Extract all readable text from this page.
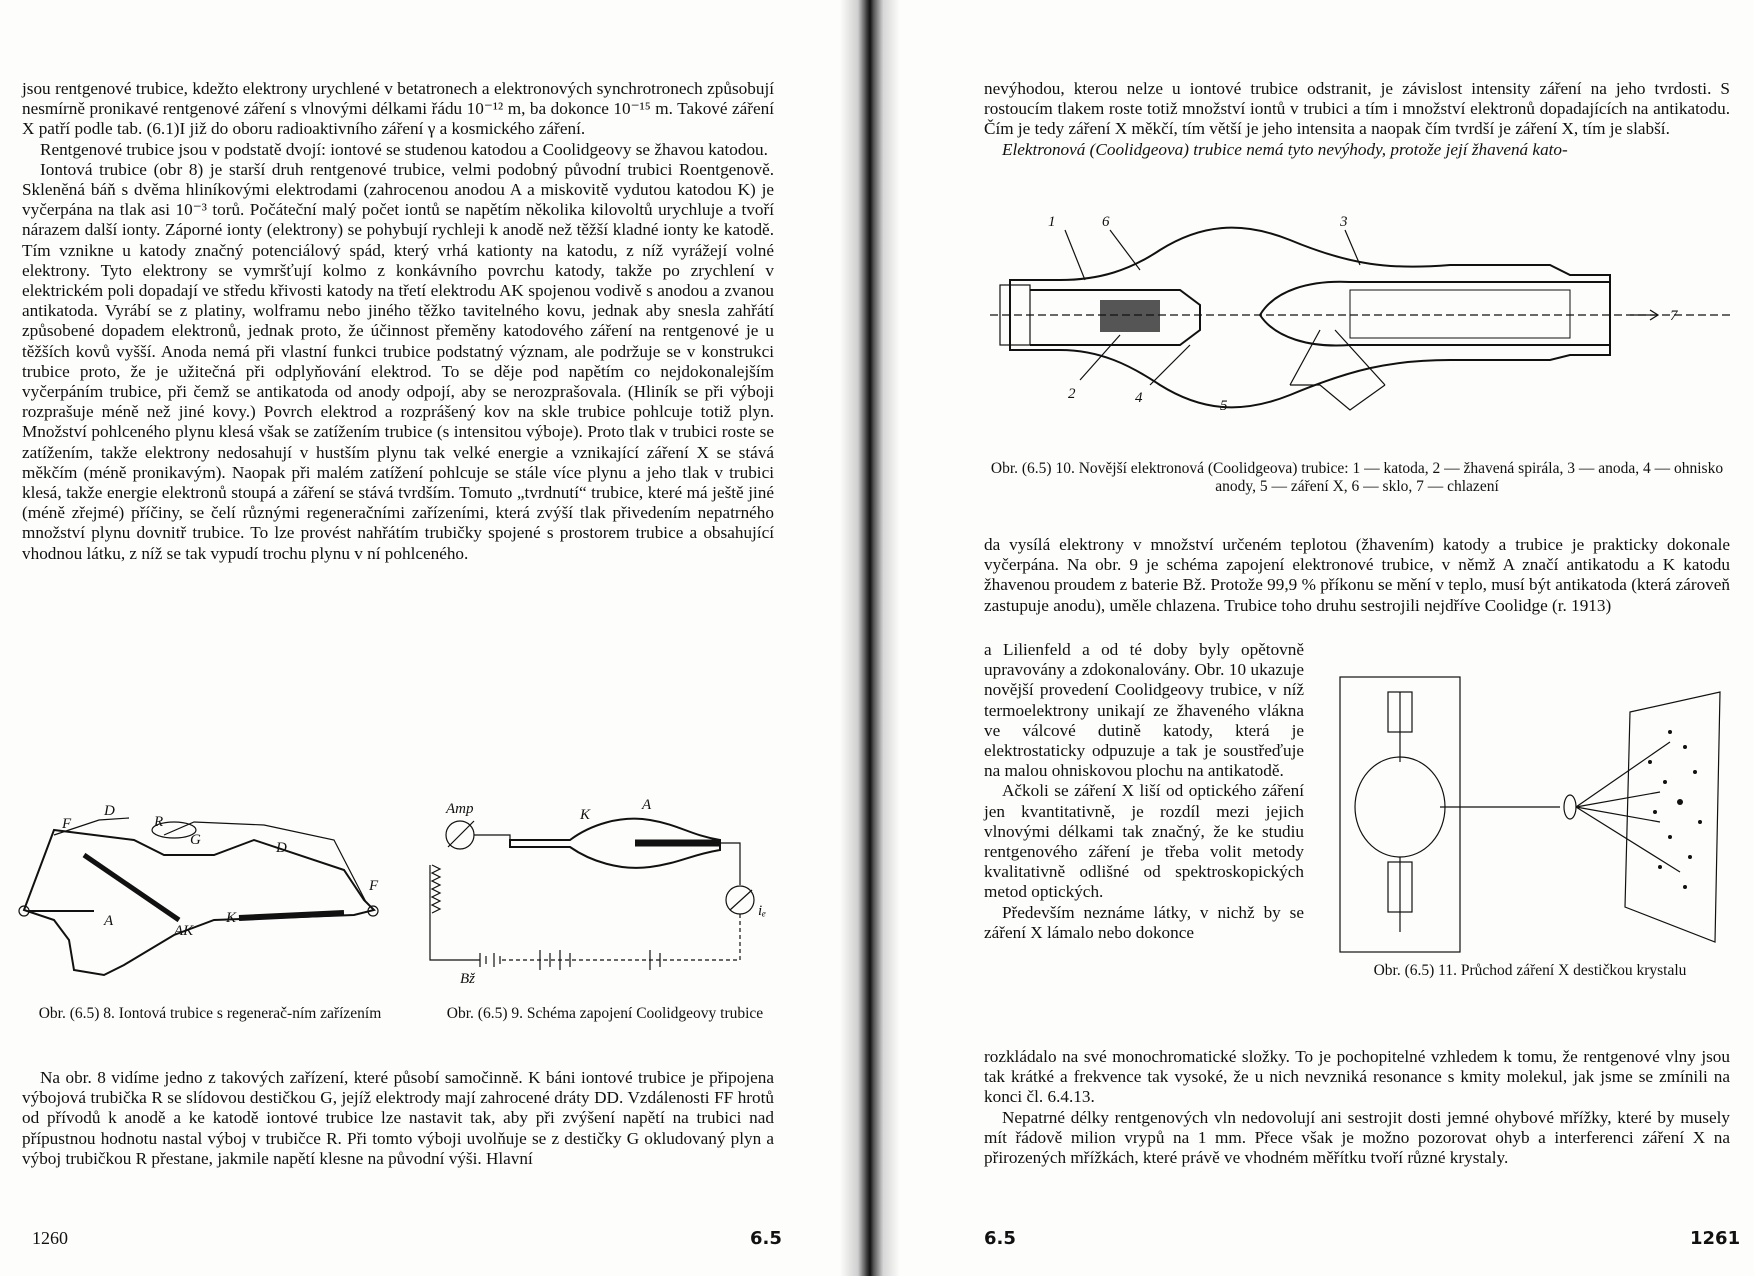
jsou rentgenové trubice, kdežto elektrony urychlené v betatronech a elektronových synchrotronech způsobují nesmírně pronikavé rentgenové záření s vlnovými délkami řádu 10⁻¹² m, ba dokonce 10⁻¹⁵ m. Takové záření X patří podle tab. (6.1)I již do oboru radioaktivního záření γ a kosmického záření.

Rentgenové trubice jsou v podstatě dvojí: iontové se studenou katodou a Coolidgeovy se žhavou katodou.

Iontová trubice (obr 8) je starší druh rentgenové trubice, velmi podobný původní trubici Roentgenově. Skleněná báň s dvěma hliníkovými elektrodami (zahrocenou anodou A a miskovitě vydutou katodou K) je vyčerpána na tlak asi 10⁻³ torů. Počáteční malý počet iontů se napětím několika kilovoltů urychluje a tvoří nárazem další ionty. Záporné ionty (elektrony) se pohybují rychleji k anodě než těžší kladné ionty ke katodě. Tím vznikne u katody značný potenciálový spád, který vrhá kationty na katodu, z níž vyrážejí volné elektrony. Tyto elektrony se vymršťují kolmo z konkávního povrchu katody, takže po zrychlení v elektrickém poli dopadají ve středu křivosti katody na třetí elektrodu AK spojenou vodivě s anodou a zvanou antikatoda. Vyrábí se z platiny, wolframu nebo jiného těžko tavitelného kovu, jednak aby snesla zahřátí způsobené dopadem elektronů, jednak proto, že účinnost přeměny katodového záření na rentgenové je u těžších kovů vyšší. Anoda nemá při vlastní funkci trubice podstatný význam, ale podržuje se v konstrukci trubice proto, že je užitečná při odplyňování elektrod. To se děje pod napětím co nejdokonalejším vyčerpáním trubice, při čemž se antikatoda od anody odpojí, aby se nerozprašovala. (Hliník se při výboji rozprašuje méně než jiné kovy.) Povrch elektrod a rozprášený kov na skle trubice pohlcuje totiž plyn. Množství pohlceného plynu klesá však se zatížením trubice (s intensitou výboje). Proto tlak v trubici roste se zatížením, takže elektrony nedosahují v hustším plynu tak velké energie a vznikající záření X se stává měkčím (méně pronikavým). Naopak při malém zatížení pohlcuje se stále více plynu a jeho tlak v trubici klesá, takže energie elektronů stoupá a záření se stává tvrdším. Tomuto „tvrdnutí“ trubice, které má ještě jiné (méně zřejmé) příčiny, se čelí různými regeneračními zařízeními, která zvýší tlak přivedením nepatrného množství plynu dovnitř trubice. To lze provést nahřátím trubičky spojené s prostorem trubice a obsahující vhodnou látku, z níž se tak vypudí trochu plynu v ní pohlceného.

F
D
R
G	D
F
A
AK
K
Obr. (6.5) 8. Iontová trubice s regenerač-ním zařízením
Amp	K
A
iₑ
Bž
Obr. (6.5) 9. Schéma zapojení Coolidgeovy trubice

Na obr. 8 vidíme jedno z takových zařízení, které působí samočinně. K báni iontové trubice je připojena výbojová trubička R se slídovou destičkou G, jejíž elektrody mají zahrocené dráty DD. Vzdálenosti FF hrotů od přívodů k anodě a ke katodě iontové trubice lze nastavit tak, aby při zvýšení napětí na trubici nad přípustnou hodnotu nastal výboj v trubičce R. Při tomto výboji uvolňuje se z destičky G okludovaný plyn a výboj trubičkou R přestane, jakmile napětí klesne na původní výši. Hlavní

1260	6.5

nevýhodou, kterou nelze u iontové trubice odstranit, je závislost intensity záření na jeho tvrdosti. S rostoucím tlakem roste totiž množství iontů v trubici a tím i množství elektronů dopadajících na antikatodu. Čím je tedy záření X měkčí, tím větší je jeho intensita a naopak čím tvrdší je záření X, tím je slabší.

Elektronová (Coolidgeova) trubice nemá tyto nevýhody, protože její žhavená kato-

1	6	3
7
2	4	5
Obr. (6.5) 10. Novější elektronová (Coolidgeova) trubice: 1 — katoda, 2 — žhavená spirála, 3 — anoda, 4 — ohnisko anody, 5 — záření X, 6 — sklo, 7 — chlazení

da vysílá elektrony v množství určeném teplotou (žhavením) katody a trubice je prakticky dokonale vyčerpána. Na obr. 9 je schéma zapojení elektronové trubice, v němž A značí antikatodu a K katodu žhavenou proudem z baterie Bž. Protože 99,9 % příkonu se mění v teplo, musí být antikatoda (která zároveň zastupuje anodu), uměle chlazena. Trubice toho druhu sestrojili nejdříve Coolidge (r. 1913)

a Lilienfeld a od té doby byly opětovně upravovány a zdokonalovány. Obr. 10 ukazuje novější provedení Coolidgeovy trubice, v níž termoelektrony unikají ze žhaveného vlákna ve válcové dutině katody, která je elektrostaticky odpuzuje a tak je soustřeďuje na malou ohniskovou plochu na antikatodě.

Ačkoli se záření X liší od optického záření jen kvantitativně, je rozdíl mezi jejich vlnovými délkami tak značný, že ke studiu rentgenového záření je třeba volit metody kvalitativně odlišné od spektroskopických metod optických.

Především neznáme látky, v nichž by se záření X lámalo nebo dokonce

Obr. (6.5) 11. Průchod záření X destičkou krystalu

rozkládalo na své monochromatické složky. To je pochopitelné vzhledem k tomu, že rentgenové vlny jsou tak krátké a frekvence tak vysoké, že u nich nevzniká resonance s kmity molekul, jak jsme se zmínili na konci čl. 6.4.13.

Nepatrné délky rentgenových vln nedovolují ani sestrojit dosti jemné ohybové mřížky, které by musely mít řádově milion vrypů na 1 mm. Přece však je možno pozorovat ohyb a interferenci záření X na přirozených mřížkách, které právě ve vhodném měřítku tvoří různé krystaly.

6.5	1261
